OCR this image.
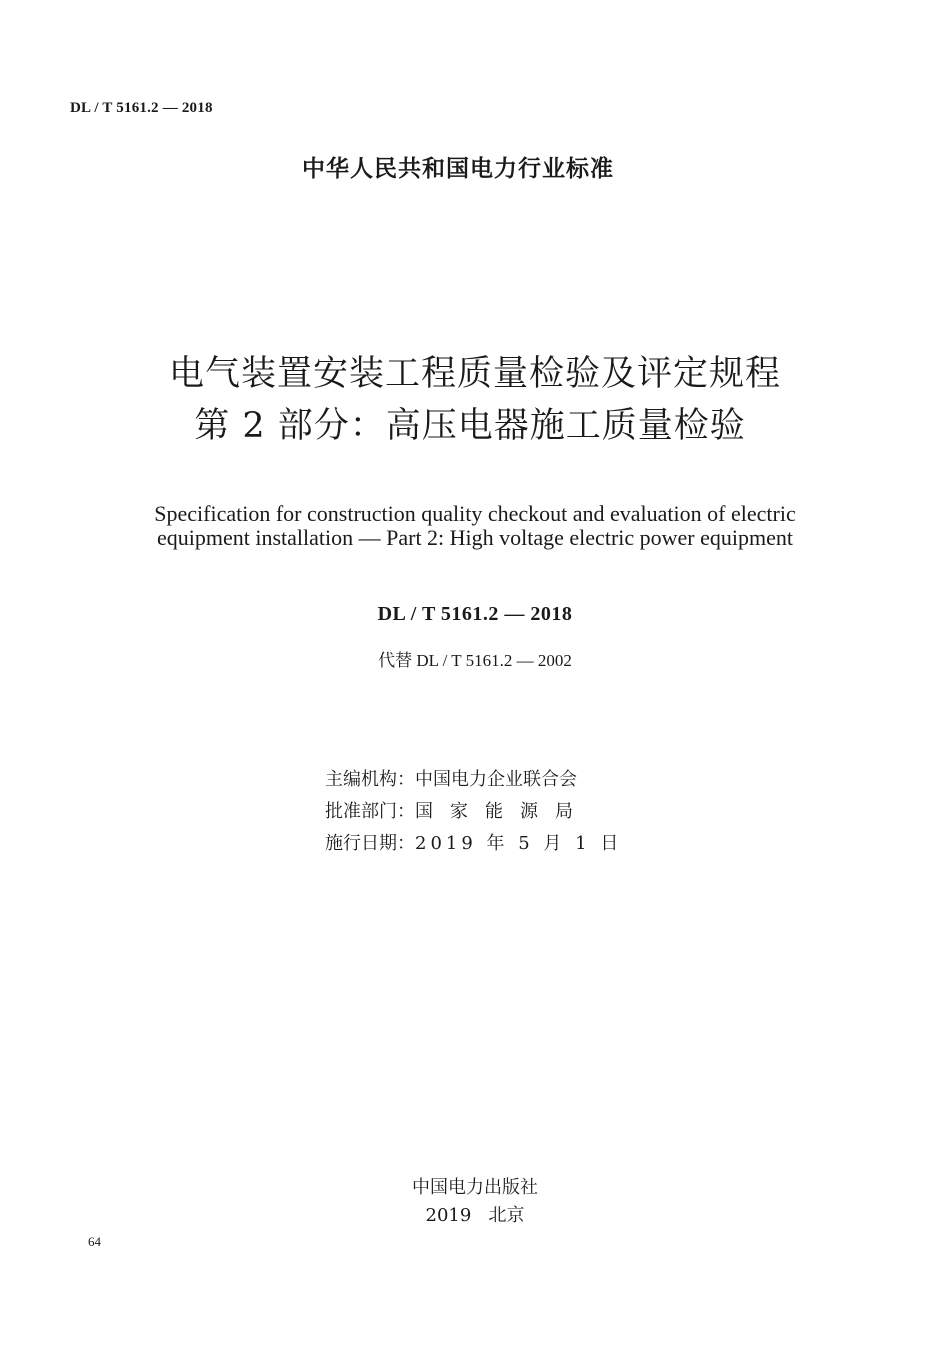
DL / T 5161.2 — 2018
中华人民共和国电力行业标准
电气装置安装工程质量检验及评定规程
第 2 部分：高压电器施工质量检验
Specification for construction quality checkout and evaluation of electric
equipment installation — Part 2: High voltage electric power equipment
DL / T 5161.2 — 2018
代替 DL / T 5161.2 — 2002
主编机构：中国电力企业联合会
批准部门：国家能源局
施行日期：2019 年 5 月 1 日
中国电力出版社
2019   北京
64
